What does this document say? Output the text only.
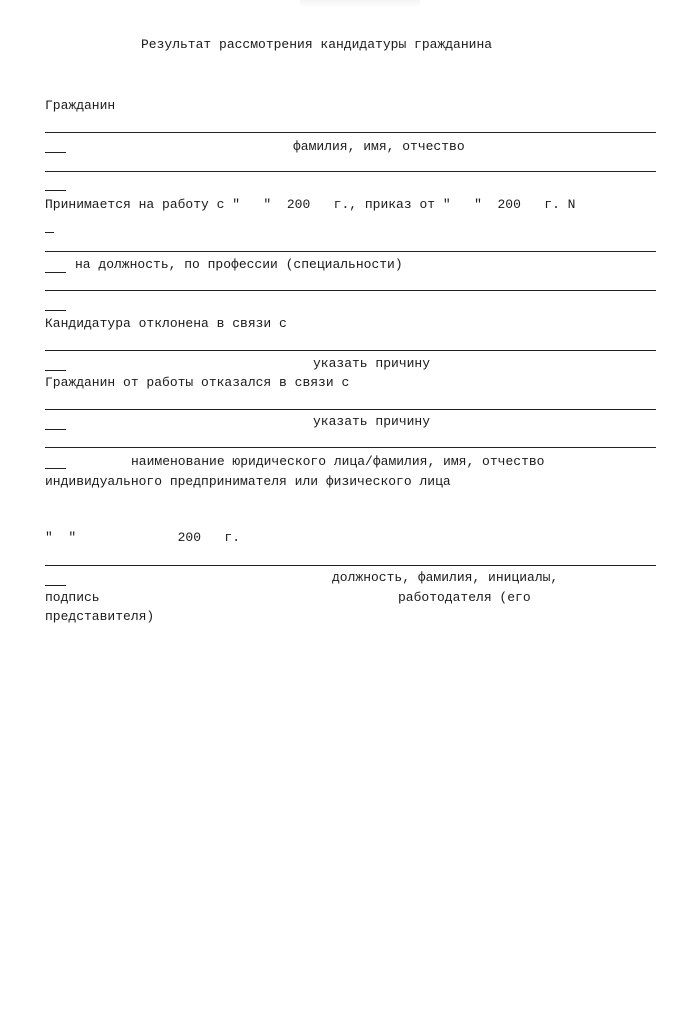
Результат рассмотрения кандидатуры гражданина

Гражданин

фамилия, имя, отчество

Принимается на работу с "   "  200   г., приказ от "   "  200   г. N

на должность, по профессии (специальности)

Кандидатура отклонена в связи с

указать причину

Гражданин от работы отказался в связи с

указать причину

наименование юридического лица/фамилия, имя, отчество

индивидуального предпринимателя или физического лица

"  "             200   г.

должность, фамилия, инициалы,

подпись	работодателя (его

представителя)
